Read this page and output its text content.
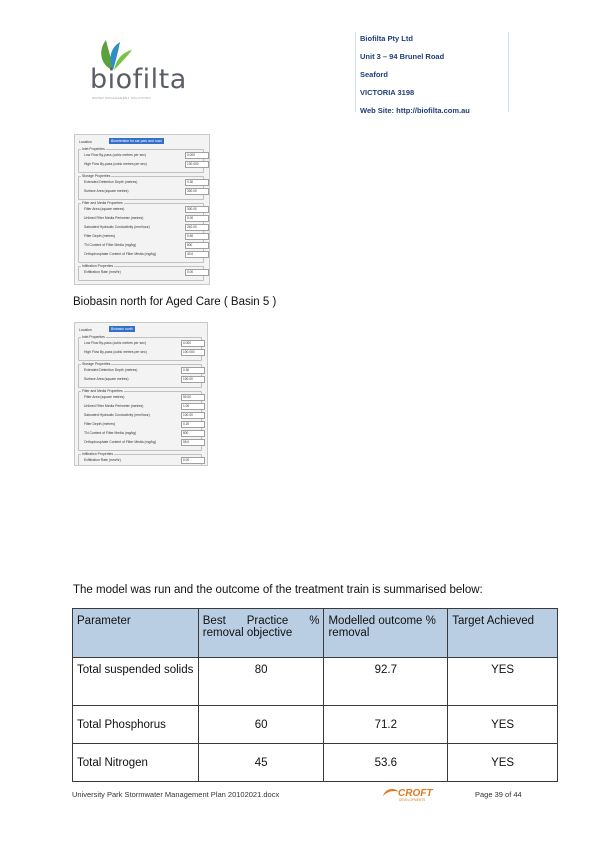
biofilta
WATER MANAGEMENT SOLUTIONS
Biofilta Pty Ltd
Unit 3 – 94 Brunel Road
Seaford
VICTORIA 3198
Web Site: http://biofilta.com.au
Location	Bioretention for car park and road
Inlet Properties
Low Flow By-pass (cubic metres per sec)	0.000
High Flow By-pass (cubic metres per sec)	100.000
Storage Properties
Extended Detention Depth (metres)	0.30
Surface Area (square metres)	300.00
Filter and Media Properties
Filter Area (square metres)	300.00
Unlined Filter Media Perimeter (metres)	0.00
Saturated Hydraulic Conductivity (mm/hour)	240.00
Filter Depth (metres)	0.50
TN Content of Filter Media (mg/kg)	800
Orthophosphate Content of Filter Media (mg/kg)	40.0
Infiltration Properties
Exfiltration Rate (mm/hr)	0.00
Biobasin north for Aged Care ( Basin 5 )
Location	Biobasin north
Inlet Properties
Low Flow By-pass (cubic metres per sec)	0.000
High Flow By-pass (cubic metres per sec)	100.000
Storage Properties
Extended Detention Depth (metres)	0.30
Surface Area (square metres)	100.00
Filter and Media Properties
Filter Area (square metres)	50.00
Unlined Filter Media Perimeter (metres)	1.00
Saturated Hydraulic Conductivity (mm/hour)	100.00
Filter Depth (metres)	0.20
TN Content of Filter Media (mg/kg)	800
Orthophosphate Content of Filter Media (mg/kg)	55.0
Infiltration Properties
Exfiltration Rate (mm/hr)	0.00
The model was run and the outcome of the treatment train is summarised below:
Parameter	Best Practice % removal objective	Modelled outcome % removal	Target Achieved

Total suspended solids	80	92.7	YES
Total Phosphorus	60	71.2	YES
Total Nitrogen	45	53.6	YES
University Park Stormwater Management Plan 20102021.docx	CROFT
DEVELOPMENTS
Page 39 of 44
